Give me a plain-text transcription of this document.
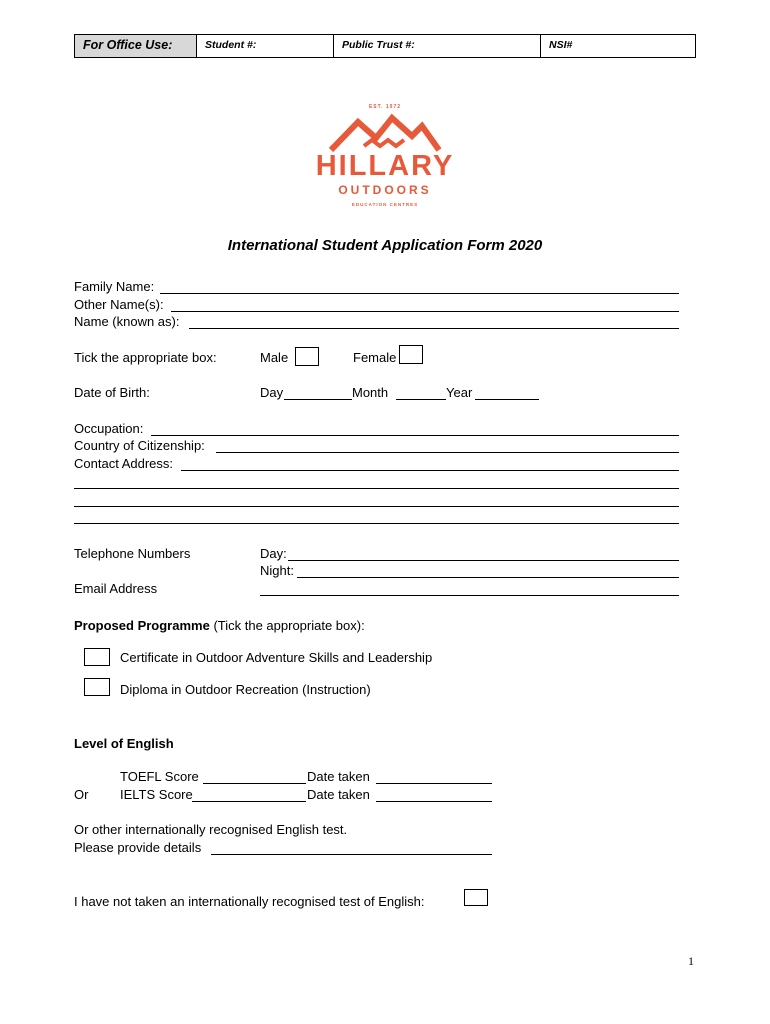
For Office Use:	Student #:	Public Trust #:	NSI#
EST. 1972
HILLARY
OUTDOORS
EDUCATION CENTRES
International Student Application Form 2020
Family Name:
Other Name(s):
Name (known as):
Tick the appropriate box:	Male	Female
Date of Birth:	Day	Month	Year
Occupation:
Country of Citizenship:
Contact Address:
Telephone Numbers	Day:
Night:
Email Address
Proposed Programme (Tick the appropriate box):
Certificate in Outdoor Adventure Skills and Leadership
Diploma in Outdoor Recreation (Instruction)
Level of English
TOEFL Score	Date taken
Or IELTS Score	Date taken
Or other internationally recognised English test.
Please provide details
I have not taken an internationally recognised test of English:
1
